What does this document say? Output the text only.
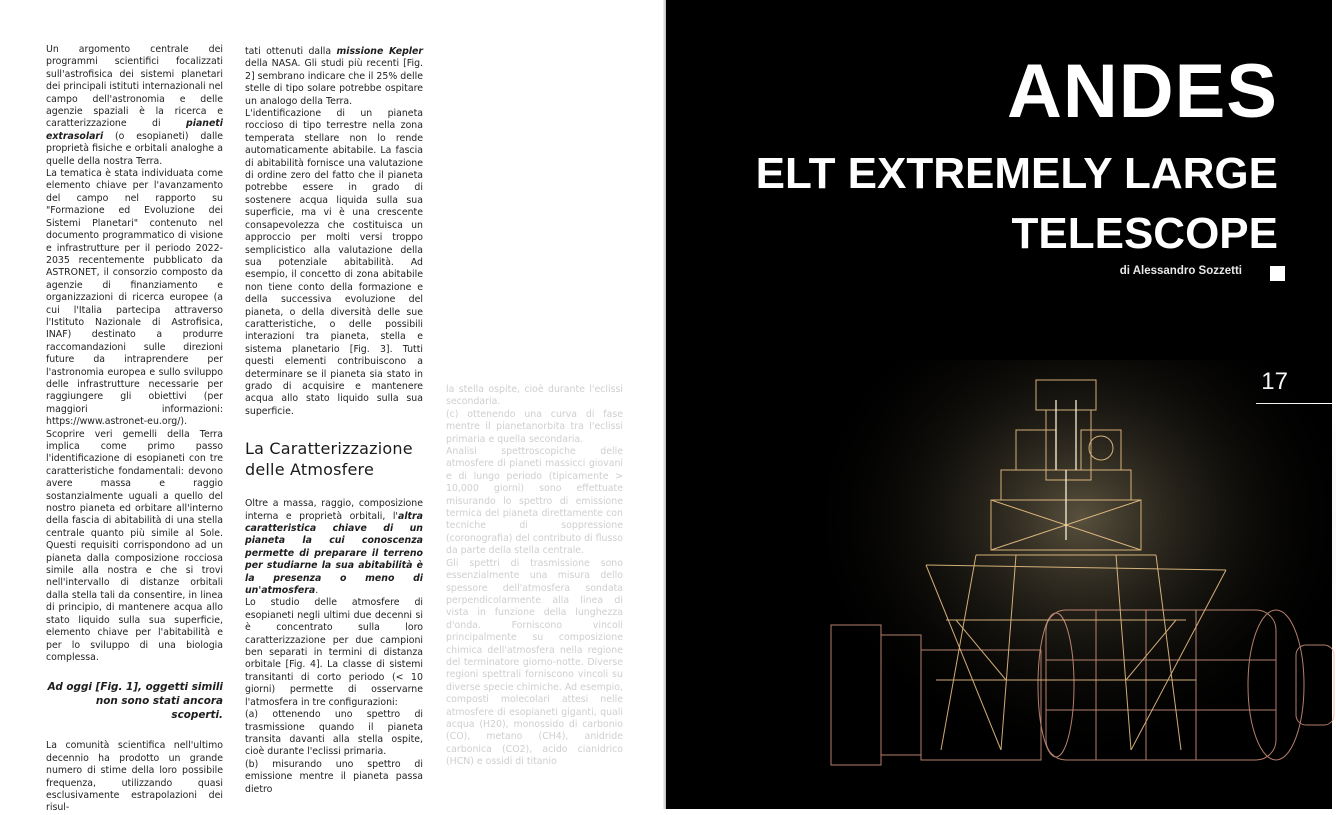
Un argomento centrale dei programmi scientifici focalizzati sull'astrofisica dei sistemi planetari dei principali istituti internazionali nel campo dell'astronomia e delle agenzie spaziali è la ricerca e caratterizzazione di pianeti extrasolari (o esopianeti) dalle proprietà fisiche e orbitali analoghe a quelle della nostra Terra.

La tematica è stata individuata come elemento chiave per l'avanzamento del campo nel rapporto su "Formazione ed Evoluzione dei Sistemi Planetari" contenuto nel documento programmatico di visione e infrastrutture per il periodo 2022-2035 recentemente pubblicato da ASTRONET, il consorzio composto da agenzie di finanziamento e organizzazioni di ricerca europee (a cui l'Italia partecipa attraverso l'Istituto Nazionale di Astrofisica, INAF) destinato a produrre raccomandazioni sulle direzioni future da intraprendere per l'astronomia europea e sullo sviluppo delle infrastrutture necessarie per raggiungere gli obiettivi (per maggiori informazioni: https://www.astronet-eu.org/).

Scoprire veri gemelli della Terra implica come primo passo l'identificazione di esopianeti con tre caratteristiche fondamentali: devono avere massa e raggio sostanzialmente uguali a quello del nostro pianeta ed orbitare all'interno della fascia di abitabilità di una stella centrale quanto più simile al Sole. Questi requisiti corrispondono ad un pianeta dalla composizione rocciosa simile alla nostra e che si trovi nell'intervallo di distanze orbitali dalla stella tali da consentire, in linea di principio, di mantenere acqua allo stato liquido sulla sua superficie, elemento chiave per l'abitabilità e per lo sviluppo di una biologia complessa.

Ad oggi [Fig. 1], oggetti simili non sono stati ancora scoperti.

La comunità scientifica nell'ultimo decennio ha prodotto un grande numero di stime della loro possibile frequenza, utilizzando quasi esclusivamente estrapolazioni dei risul-

tati ottenuti dalla missione Kepler della NASA. Gli studi più recenti [Fig. 2] sembrano indicare che il 25% delle stelle di tipo solare potrebbe ospitare un analogo della Terra.

L'identificazione di un pianeta roccioso di tipo terrestre nella zona temperata stellare non lo rende automaticamente abitabile. La fascia di abitabilità fornisce una valutazione di ordine zero del fatto che il pianeta potrebbe essere in grado di sostenere acqua liquida sulla sua superficie, ma vi è una crescente consapevolezza che costituisca un approccio per molti versi troppo semplicistico alla valutazione della sua potenziale abitabilità. Ad esempio, il concetto di zona abitabile non tiene conto della formazione e della successiva evoluzione del pianeta, o della diversità delle sue caratteristiche, o delle possibili interazioni tra pianeta, stella e sistema planetario [Fig. 3]. Tutti questi elementi contribuiscono a determinare se il pianeta sia stato in grado di acquisire e mantenere acqua allo stato liquido sulla sua superficie.

La Caratterizzazione delle Atmosfere

Oltre a massa, raggio, composizione interna e proprietà orbitali, l'altra caratteristica chiave di un pianeta la cui conoscenza permette di preparare il terreno per studiarne la sua abitabilità è la presenza o meno di un'atmosfera.

Lo studio delle atmosfere di esopianeti negli ultimi due decenni si è concentrato sulla loro caratterizzazione per due campioni ben separati in termini di distanza orbitale [Fig. 4]. La classe di sistemi transitanti di corto periodo (< 10 giorni) permette di osservarne l'atmosfera in tre configurazioni:

(a) ottenendo uno spettro di trasmissione quando il pianeta transita davanti alla stella ospite, cioè durante l'eclissi primaria.

(b) misurando uno spettro di emissione mentre il pianeta passa dietro

ANDES
ELT EXTREMELY LARGE TELESCOPE
di Alessandro Sozzetti

la stella ospite, cioè durante l'eclissi secondaria.

(c) ottenendo una curva di fase mentre il pianetanorbita tra l'eclissi primaria e quella secondaria.

Analisi spettroscopiche delle atmosfere di pianeti massicci giovani e di lungo periodo (tipicamente > 10,000 giorni) sono effettuate misurando lo spettro di emissione termica del pianeta direttamente con tecniche di soppressione (coronografia) del contributo di flusso da parte della stella centrale.

Gli spettri di trasmissione sono essenzialmente una misura dello spessore dell'atmosfera sondata perpendicolarmente alla linea di vista in funzione della lunghezza d'onda. Forniscono vincoli principalmente su composizione chimica dell'atmosfera nella regione del terminatore giorno-notte. Diverse regioni spettrali forniscono vincoli su diverse specie chimiche. Ad esempio, composti molecolari attesi nelle atmosfere di esopianeti giganti, quali acqua (H20), monossido di carbonio (CO), metano (CH4), anidride carbonica (CO2), acido cianidrico (HCN) e ossidi di titanio
